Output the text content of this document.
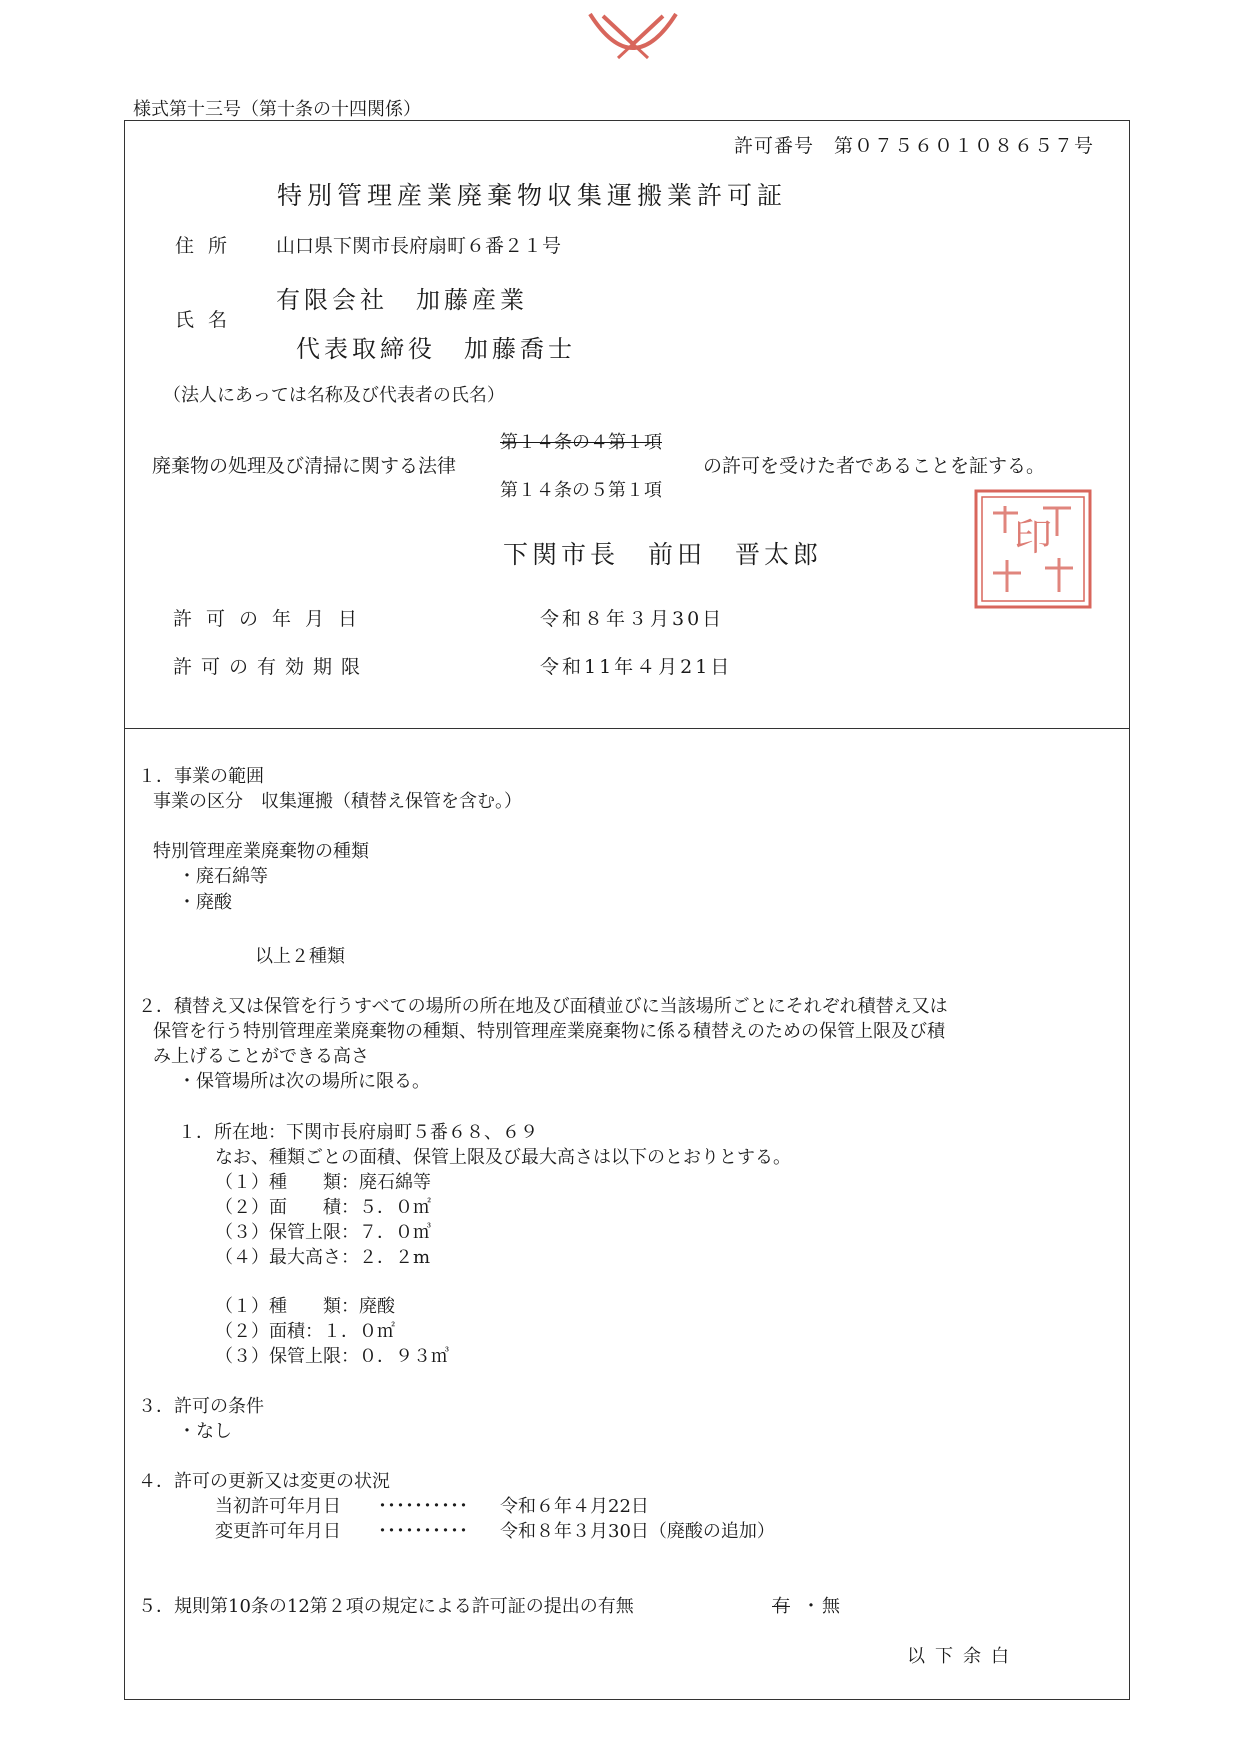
様式第十三号（第十条の十四関係）
許可番号　第０７５６０１０８６５７号
特別管理産業廃棄物収集運搬業許可証
住所 山口県下関市長府扇町６番２１号
有限会社　加藤産業
氏名
代表取締役　加藤喬士
（法人にあっては名称及び代表者の氏名）
第１４条の４第１項
廃棄物の処理及び清掃に関する法律
第１４条の５第１項
の許可を受けた者であることを証する。
下関市長　前田　晋太郎	印
許可の年月日	令和８年３月30日
許可の有効期限	令和11年４月21日
１．事業の範囲
事業の区分　収集運搬（積替え保管を含む。）
特別管理産業廃棄物の種類
・廃石綿等
・廃酸
以上２種類
２．積替え又は保管を行うすべての場所の所在地及び面積並びに当該場所ごとにそれぞれ積替え又は
保管を行う特別管理産業廃棄物の種類、特別管理産業廃棄物に係る積替えのための保管上限及び積
み上げることができる高さ
・保管場所は次の場所に限る。
１．所在地：下関市長府扇町５番６８、６９
なお、種類ごとの面積、保管上限及び最大高さは以下のとおりとする。
（１）種　　類：廃石綿等
（２）面　　積：５．０㎡
（３）保管上限：７．０㎥
（４）最大高さ：２．２m
（１）種　　類：廃酸
（２）面積：１．０㎡
（３）保管上限：０．９３㎥
３．許可の条件
・なし
４．許可の更新又は変更の状況
当初許可年月日 ･･････････ 令和６年４月22日
変更許可年月日 ･･････････ 令和８年３月30日（廃酸の追加）
５．規則第10条の12第２項の規定による許可証の提出の有無	有 ・ 無
以下余白
